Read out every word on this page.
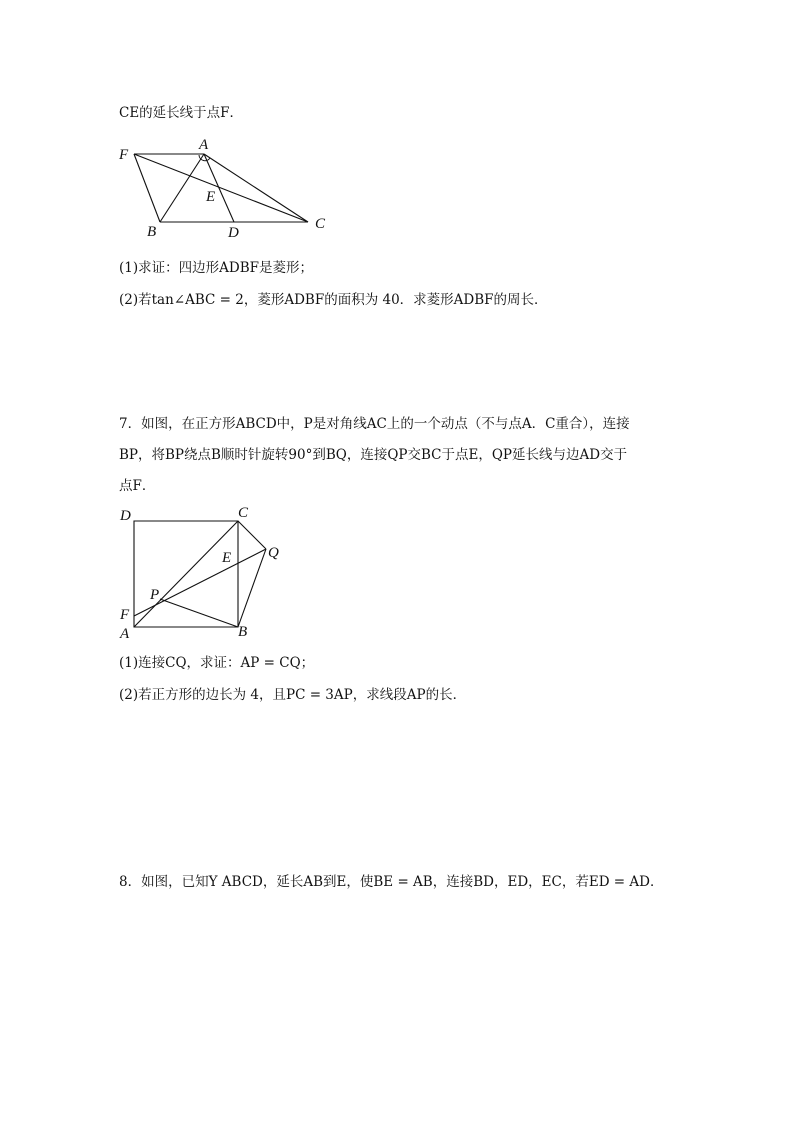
CE的延长线于点F．
F
A
E
B	D
C
(1)求证：四边形ADBF是菱形；
(2)若tan∠ABC = 2，菱形ADBF的面积为 40．求菱形ADBF的周长．
7．如图，在正方形ABCD中，P是对角线AC上的一个动点（不与点A．C重合），连接
BP，将BP绕点B顺时针旋转90°到BQ，连接QP交BC于点E，QP延长线与边AD交于
点F．
D	C
E Q
P
F
A	B
(1)连接CQ，求证：AP = CQ；
(2)若正方形的边长为 4，且PC = 3AP，求线段AP的长．
8．如图，已知Y ABCD，延长AB到E，使BE = AB，连接BD，ED，EC，若ED = AD．
